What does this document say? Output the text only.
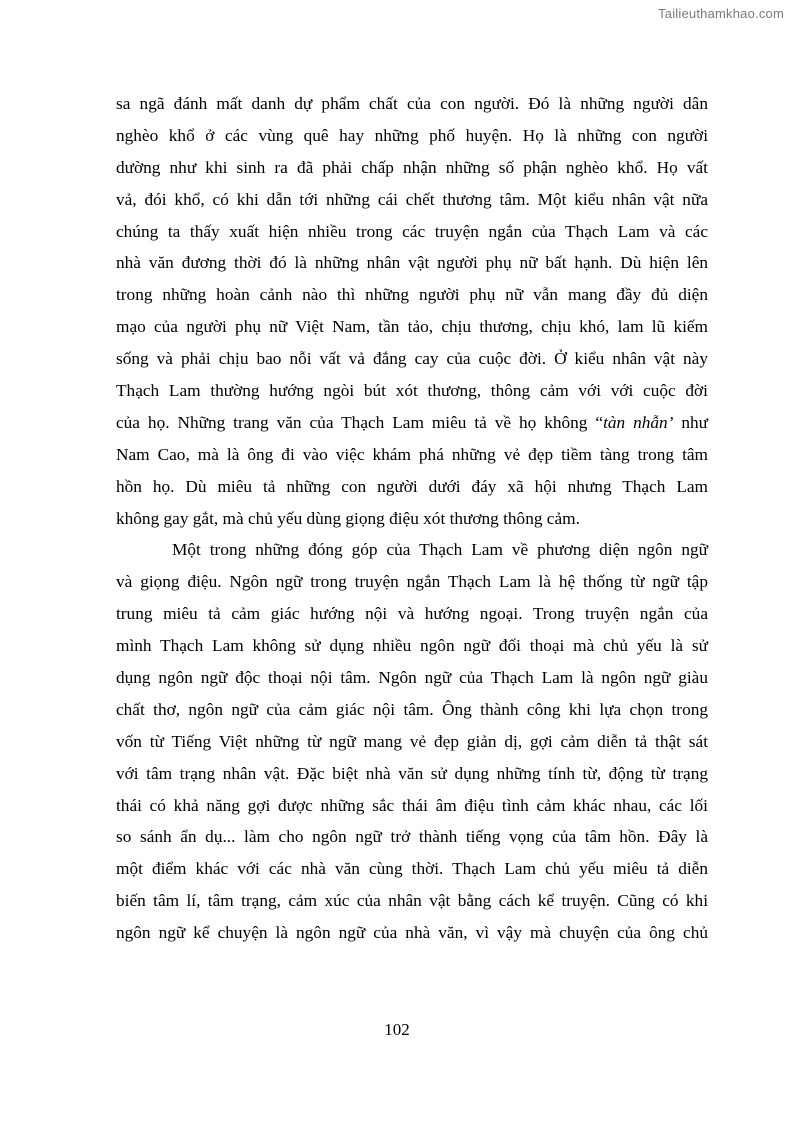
Tailieuthamkhao.com
sa ngã đánh mất danh dự phẩm chất của con người. Đó là những người dân
nghèo khổ ở các vùng quê hay những phố huyện. Họ là những con người
dường như khi sinh ra đã phải chấp nhận những số phận nghèo khổ. Họ vất
vả, đói khổ, có khi dẫn tới những cái chết thương tâm. Một kiểu nhân vật nữa
chúng ta thấy xuất hiện nhiều trong các truyện ngắn của Thạch Lam và các
nhà văn đương thời đó là những nhân vật người phụ nữ bất hạnh. Dù hiện lên
trong những hoàn cảnh nào thì những người phụ nữ vẫn mang đầy đủ diện
mạo của người phụ nữ Việt Nam, tần tảo, chịu thương, chịu khó, lam lũ kiếm
sống và phải chịu bao nỗi vất vả đắng cay của cuộc đời. Ở kiểu nhân vật này
Thạch Lam thường hướng ngòi bút xót thương, thông cảm với với cuộc đời
của họ. Những trang văn của Thạch Lam miêu tả về họ không “tàn nhẫn’ như
Nam Cao, mà là ông đi vào việc khám phá những vẻ đẹp tiềm tàng trong tâm
hồn họ. Dù miêu tả những con người dưới đáy xã hội nhưng Thạch Lam
không gay gắt, mà chủ yếu dùng giọng điệu xót thương thông cảm.
Một trong những đóng góp của Thạch Lam về phương diện ngôn ngữ
và giọng điệu. Ngôn ngữ trong truyện ngắn Thạch Lam là hệ thống từ ngữ tập
trung miêu tả cảm giác hướng nội và hướng ngoại. Trong truyện ngắn của
mình Thạch Lam không sử dụng nhiều ngôn ngữ đối thoại mà chủ yếu là sử
dụng ngôn ngữ độc thoại nội tâm. Ngôn ngữ của Thạch Lam là ngôn ngữ giàu
chất thơ, ngôn ngữ của cảm giác nội tâm. Ông thành công khi lựa chọn trong
vốn từ Tiếng Việt những từ ngữ mang vẻ đẹp giản dị, gợi cảm diễn tả thật sát
với tâm trạng nhân vật. Đặc biệt nhà văn sử dụng những tính từ, động từ trạng
thái có khả năng gợi được những sắc thái âm điệu tình cảm khác nhau, các lối
so sánh ẩn dụ... làm cho ngôn ngữ trở thành tiếng vọng của tâm hồn. Đây là
một điểm khác với các nhà văn cùng thời. Thạch Lam chủ yếu miêu tả diễn
biến tâm lí, tâm trạng, cảm xúc của nhân vật bằng cách kể truyện. Cũng có khi
ngôn ngữ kể chuyện là ngôn ngữ của nhà văn, vì vậy mà chuyện của ông chủ
102
